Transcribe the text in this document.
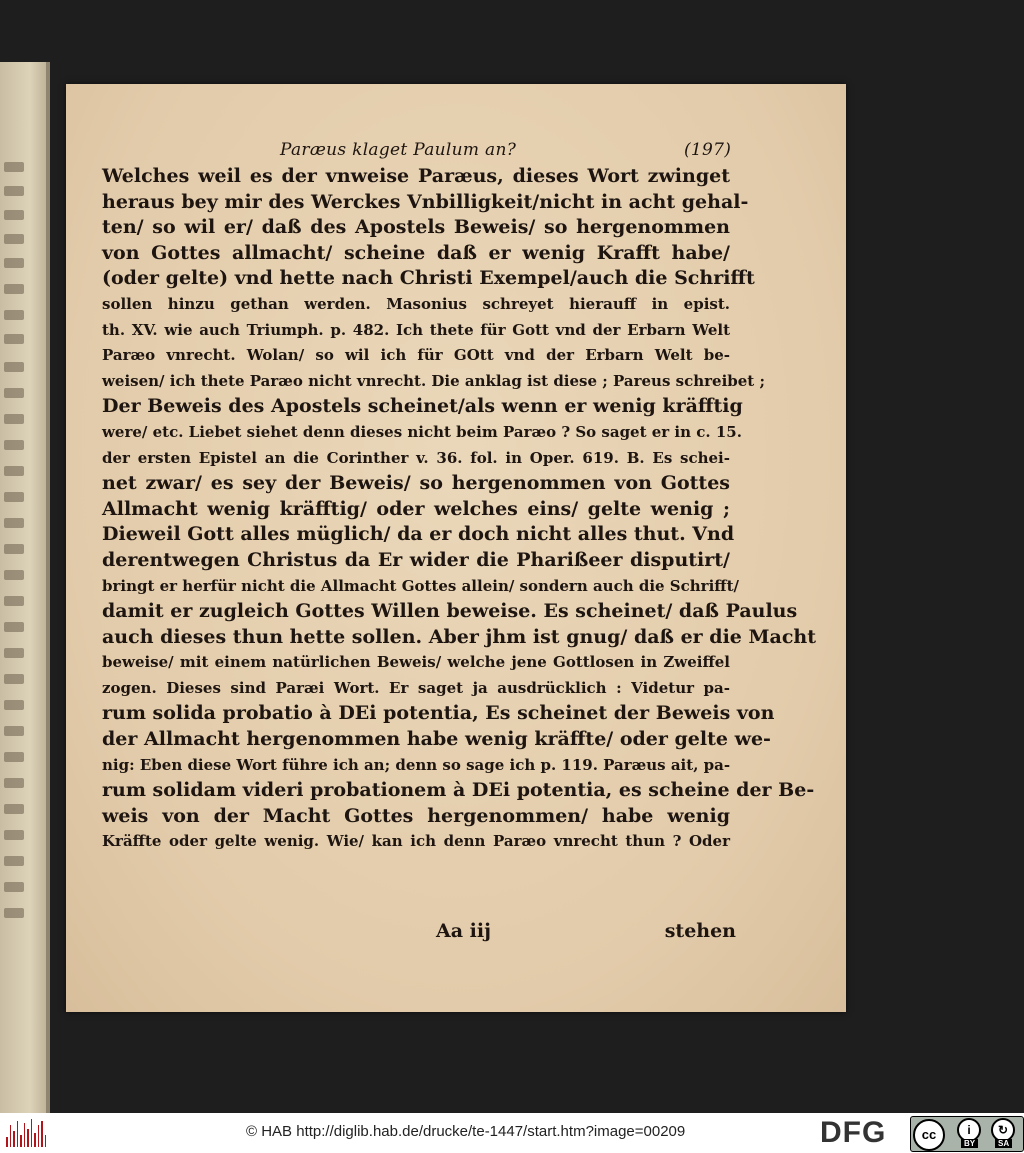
Paræus klaget Paulum an?	(197)
Welches weil es der vnweise Paræus, dieses Wort zwinget
heraus bey mir des Werckes Vnbilligkeit/nicht in acht gehal-
ten/ so wil er/ daß des Apostels Beweis/ so hergenommen
von Gottes allmacht/ scheine daß er wenig Krafft habe/
(oder gelte) vnd hette nach Christi Exempel/auch die Schrifft
sollen hinzu gethan werden. Masonius schreyet hierauff in epist.
th. XV. wie auch Triumph. p. 482. Ich thete für Gott vnd der Erbarn Welt
Paræo vnrecht. Wolan/ so wil ich für GOtt vnd der Erbarn Welt be-
weisen/ ich thete Paræo nicht vnrecht. Die anklag ist diese ; Pareus schreibet ;
Der Beweis des Apostels scheinet/als wenn er wenig kräfftig
were/ etc. Liebet siehet denn dieses nicht beim Paræo ? So saget er in c. 15.
der ersten Epistel an die Corinther v. 36. fol. in Oper. 619. B. Es schei-
net zwar/ es sey der Beweis/ so hergenommen von Gottes
Allmacht wenig kräfftig/ oder welches eins/ gelte wenig ;
Dieweil Gott alles müglich/ da er doch nicht alles thut. Vnd
derentwegen Christus da Er wider die Pharißeer disputirt/
bringt er herfür nicht die Allmacht Gottes allein/ sondern auch die Schrifft/
damit er zugleich Gottes Willen beweise. Es scheinet/ daß Paulus
auch dieses thun hette sollen. Aber jhm ist gnug/ daß er die Macht
beweise/ mit einem natürlichen Beweis/ welche jene Gottlosen in Zweiffel
zogen. Dieses sind Paræi Wort. Er saget ja ausdrücklich : Videtur pa-
rum solida probatio à DEi potentia, Es scheinet der Beweis von
der Allmacht hergenommen habe wenig kräffte/ oder gelte we-
nig: Eben diese Wort führe ich an; denn so sage ich p. 119. Paræus ait, pa-
rum solidam videri probationem à DEi potentia, es scheine der Be-
weis von der Macht Gottes hergenommen/ habe wenig
Kräffte oder gelte wenig. Wie/ kan ich denn Paræo vnrecht thun ? Oder
Aa iij	stehen
© HAB http://diglib.hab.de/drucke/te-1447/start.htm?image=00209	DFG	cc	i	↻
BY	SA
